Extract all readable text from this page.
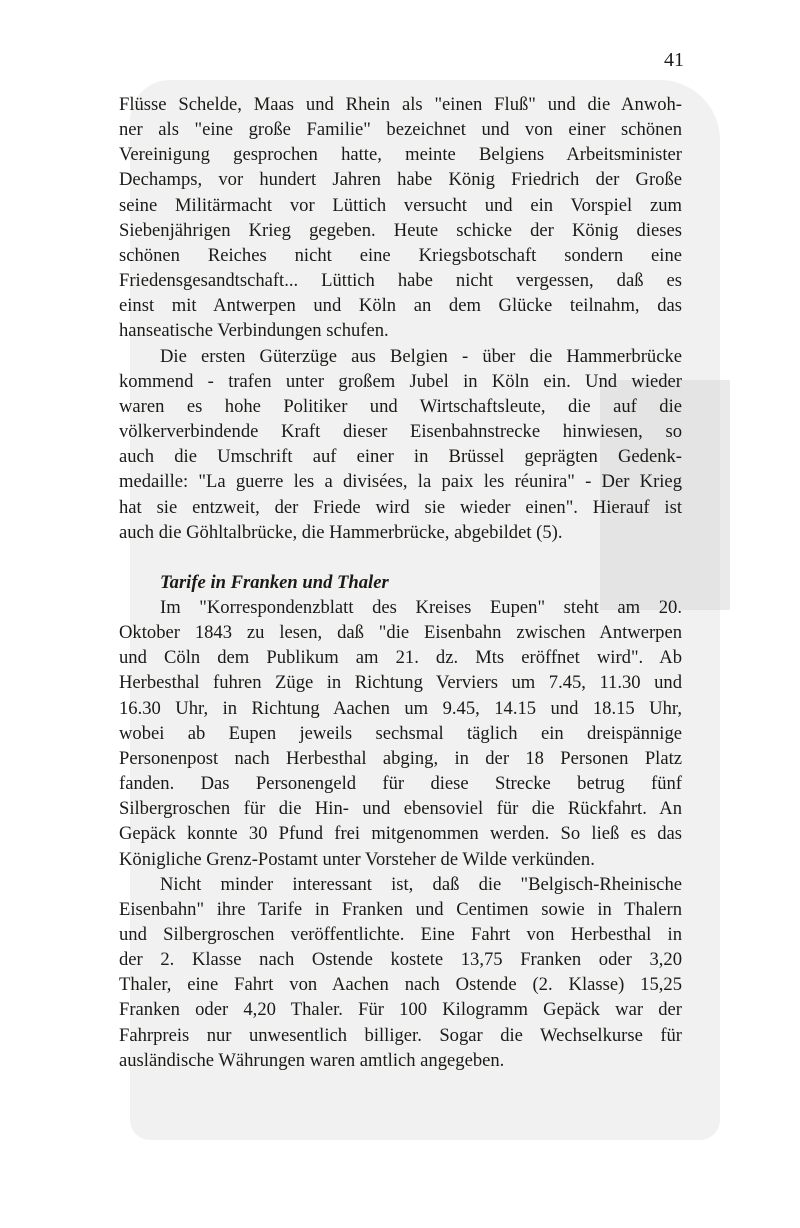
41
Flüsse Schelde, Maas und Rhein als "einen Fluß" und die Anwoh-
ner als "eine große Familie" bezeichnet und von einer schönen
Vereinigung gesprochen hatte, meinte Belgiens Arbeitsminister
Dechamps, vor hundert Jahren habe König Friedrich der Große
seine Militärmacht vor Lüttich versucht und ein Vorspiel zum
Siebenjährigen Krieg gegeben. Heute schicke der König dieses
schönen Reiches nicht eine Kriegsbotschaft sondern eine
Friedensgesandtschaft... Lüttich habe nicht vergessen, daß es
einst mit Antwerpen und Köln an dem Glücke teilnahm, das
hanseatische Verbindungen schufen.
Die ersten Güterzüge aus Belgien - über die Hammerbrücke
kommend - trafen unter großem Jubel in Köln ein. Und wieder
waren es hohe Politiker und Wirtschaftsleute, die auf die
völkerverbindende Kraft dieser Eisenbahnstrecke hinwiesen, so
auch die Umschrift auf einer in Brüssel geprägten Gedenk-
medaille: "La guerre les a divisées, la paix les réunira" - Der Krieg
hat sie entzweit, der Friede wird sie wieder einen". Hierauf ist
auch die Göhltalbrücke, die Hammerbrücke, abgebildet (5).
Tarife in Franken und Thaler
Im "Korrespondenzblatt des Kreises Eupen" steht am 20.
Oktober 1843 zu lesen, daß "die Eisenbahn zwischen Antwerpen
und Cöln dem Publikum am 21. dz. Mts eröffnet wird". Ab
Herbesthal fuhren Züge in Richtung Verviers um 7.45, 11.30 und
16.30 Uhr, in Richtung Aachen um 9.45, 14.15 und 18.15 Uhr,
wobei ab Eupen jeweils sechsmal täglich ein dreispännige
Personenpost nach Herbesthal abging, in der 18 Personen Platz
fanden. Das Personengeld für diese Strecke betrug fünf
Silbergroschen für die Hin- und ebensoviel für die Rückfahrt. An
Gepäck konnte 30 Pfund frei mitgenommen werden. So ließ es das
Königliche Grenz-Postamt unter Vorsteher de Wilde verkünden.
Nicht minder interessant ist, daß die "Belgisch-Rheinische
Eisenbahn" ihre Tarife in Franken und Centimen sowie in Thalern
und Silbergroschen veröffentlichte. Eine Fahrt von Herbesthal in
der 2. Klasse nach Ostende kostete 13,75 Franken oder 3,20
Thaler, eine Fahrt von Aachen nach Ostende (2. Klasse) 15,25
Franken oder 4,20 Thaler. Für 100 Kilogramm Gepäck war der
Fahrpreis nur unwesentlich billiger. Sogar die Wechselkurse für
ausländische Währungen waren amtlich angegeben.
